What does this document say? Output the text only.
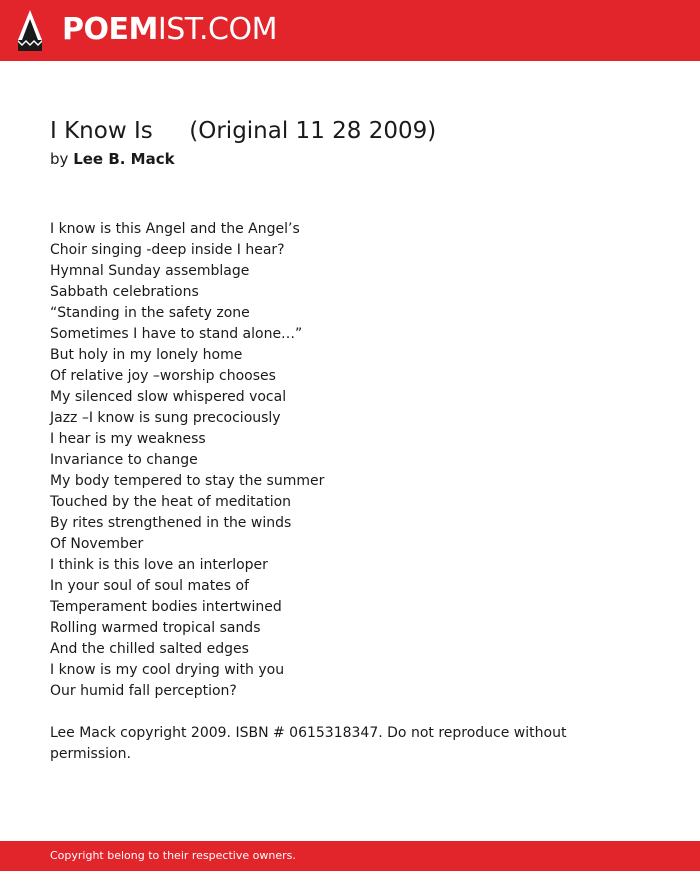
POEMIST.COM
I Know Is     (Original 11 28 2009)
by Lee B. Mack
I know is this Angel and the Angel’s
Choir singing -deep inside I hear?
Hymnal Sunday assemblage
Sabbath celebrations
“Standing in the safety zone
Sometimes I have to stand alone…”
But holy in my lonely home
Of relative joy –worship chooses
My silenced slow whispered vocal
Jazz –I know is sung precociously
I hear is my weakness
Invariance to change
My body tempered to stay the summer
Touched by the heat of meditation
By rites strengthened in the winds
Of November
I think is this love an interloper
In your soul of soul mates of
Temperament bodies intertwined
Rolling warmed tropical sands
And the chilled salted edges
I know is my cool drying with you
Our humid fall perception?
Lee Mack copyright 2009. ISBN # 0615318347. Do not reproduce without permission.
Copyright belong to their respective owners.
